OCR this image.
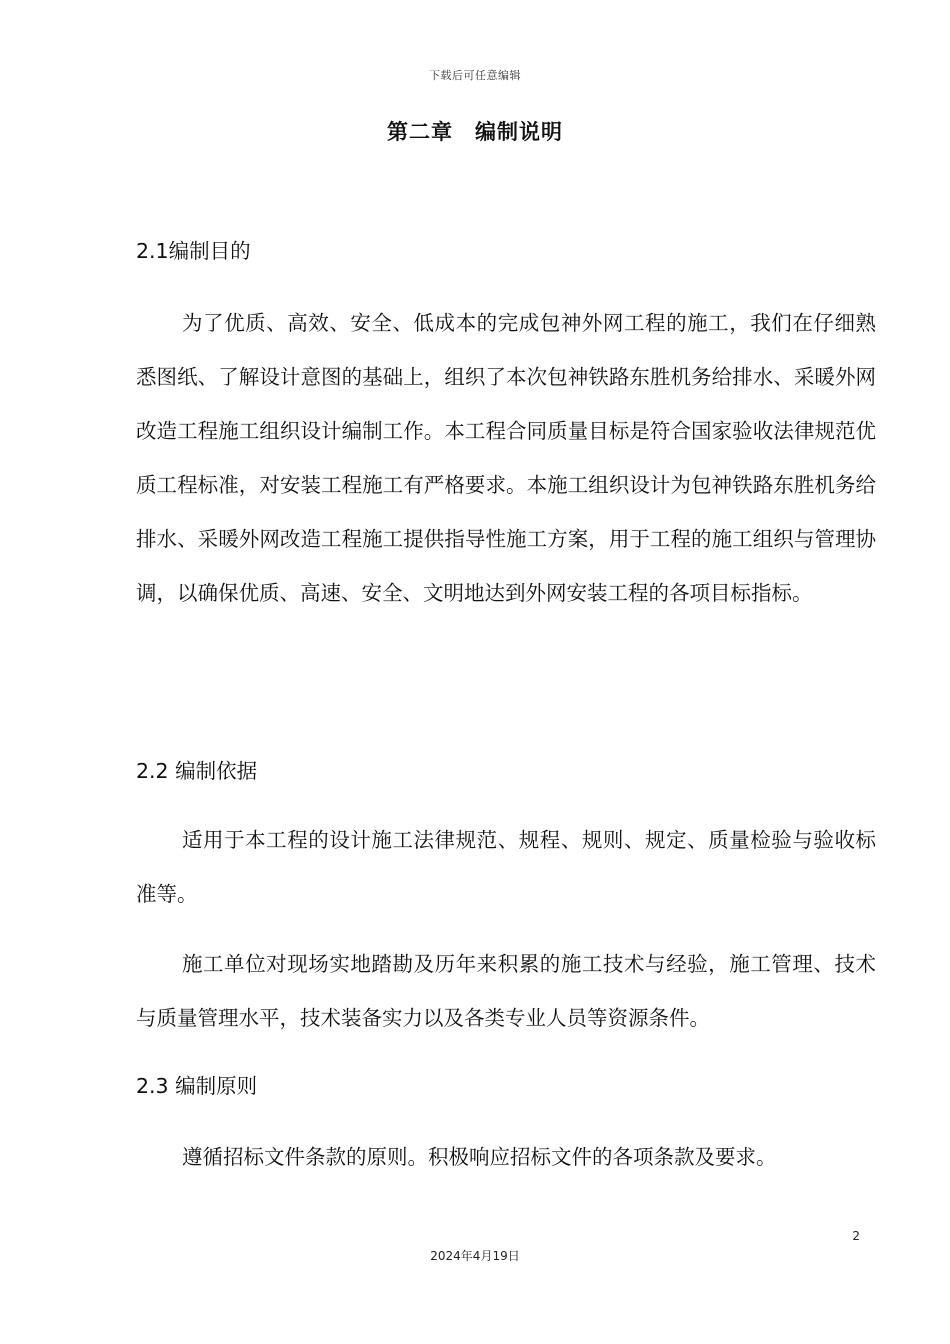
下载后可任意编辑
第二章 编制说明

2.1编制目的

为了优质、高效、安全、低成本的完成包神外网工程的施工，我们在仔细熟悉图纸、了解设计意图的基础上，组织了本次包神铁路东胜机务给排水、采暖外网改造工程施工组织设计编制工作。本工程合同质量目标是符合国家验收法律规范优质工程标准，对安装工程施工有严格要求。本施工组织设计为包神铁路东胜机务给排水、采暖外网改造工程施工提供指导性施工方案，用于工程的施工组织与管理协调，以确保优质、高速、安全、文明地达到外网安装工程的各项目标指标。

2.2 编制依据

适用于本工程的设计施工法律规范、规程、规则、规定、质量检验与验收标准等。

施工单位对现场实地踏勘及历年来积累的施工技术与经验，施工管理、技术与质量管理水平，技术装备实力以及各类专业人员等资源条件。

2.3 编制原则

遵循招标文件条款的原则。积极响应招标文件的各项条款及要求。

2
2024年4月19日
